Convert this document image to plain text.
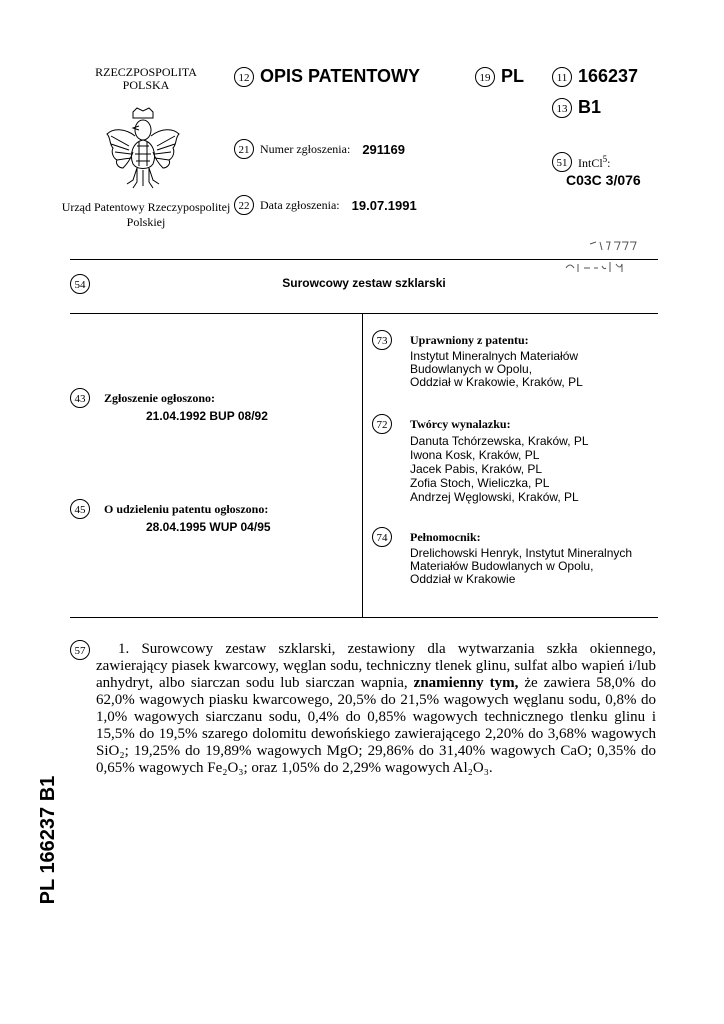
RZECZPOSPOLITA POLSKA
Urząd Patentowy Rzeczypospolitej Polskiej
12 OPIS PATENTOWY	19 PL	11 166237
13 B1
21 Numer zgłoszenia: 291169
51 IntCl$^5$:
C03C 3/076
22 Data zgłoszenia: 19.07.1991
54	Surowcowy zestaw szklarski
43	Zgłoszenie ogłoszono:
21.04.1992 BUP 08/92
45	O udzieleniu patentu ogłoszono:
28.04.1995 WUP 04/95
73	Uprawniony z patentu:
Instytut Mineralnych Materiałów
Budowlanych w Opolu,
Oddział w Krakowie, Kraków, PL
72	Twórcy wynalazku:
Danuta Tchórzewska, Kraków, PL
Iwona Kosk, Kraków, PL
Jacek Pabis, Kraków, PL
Zofia Stoch, Wieliczka, PL
Andrzej Węglowski, Kraków, PL
74	Pełnomocnik:
Drelichowski Henryk, Instytut Mineralnych
Materiałów Budowlanych w Opolu,
Oddział w Krakowie
57	1. Surowcowy zestaw szklarski, zestawiony dla wytwarzania szkła okiennego, zawierający piasek kwarcowy, węglan sodu, techniczny tlenek glinu, sulfat albo wapień i/lub anhydryt, albo siarczan sodu lub siarczan wapnia, znamienny tym, że zawiera 58,0% do 62,0% wagowych piasku kwarcowego, 20,5% do 21,5% wagowych węglanu sodu, 0,8% do 1,0% wagowych siarczanu sodu, 0,4% do 0,85% wagowych technicznego tlenku glinu i 15,5% do 19,5% szarego dolomitu dewońskiego zawierającego 2,20% do 3,68% wagowych SiO₂; 19,25% do 19,89% wagowych MgO; 29,86% do 31,40% wagowych CaO; 0,35% do 0,65% wagowych Fe₂O₃; oraz 1,05% do 2,29% wagowych Al₂O₃.
PL 166237 B1
